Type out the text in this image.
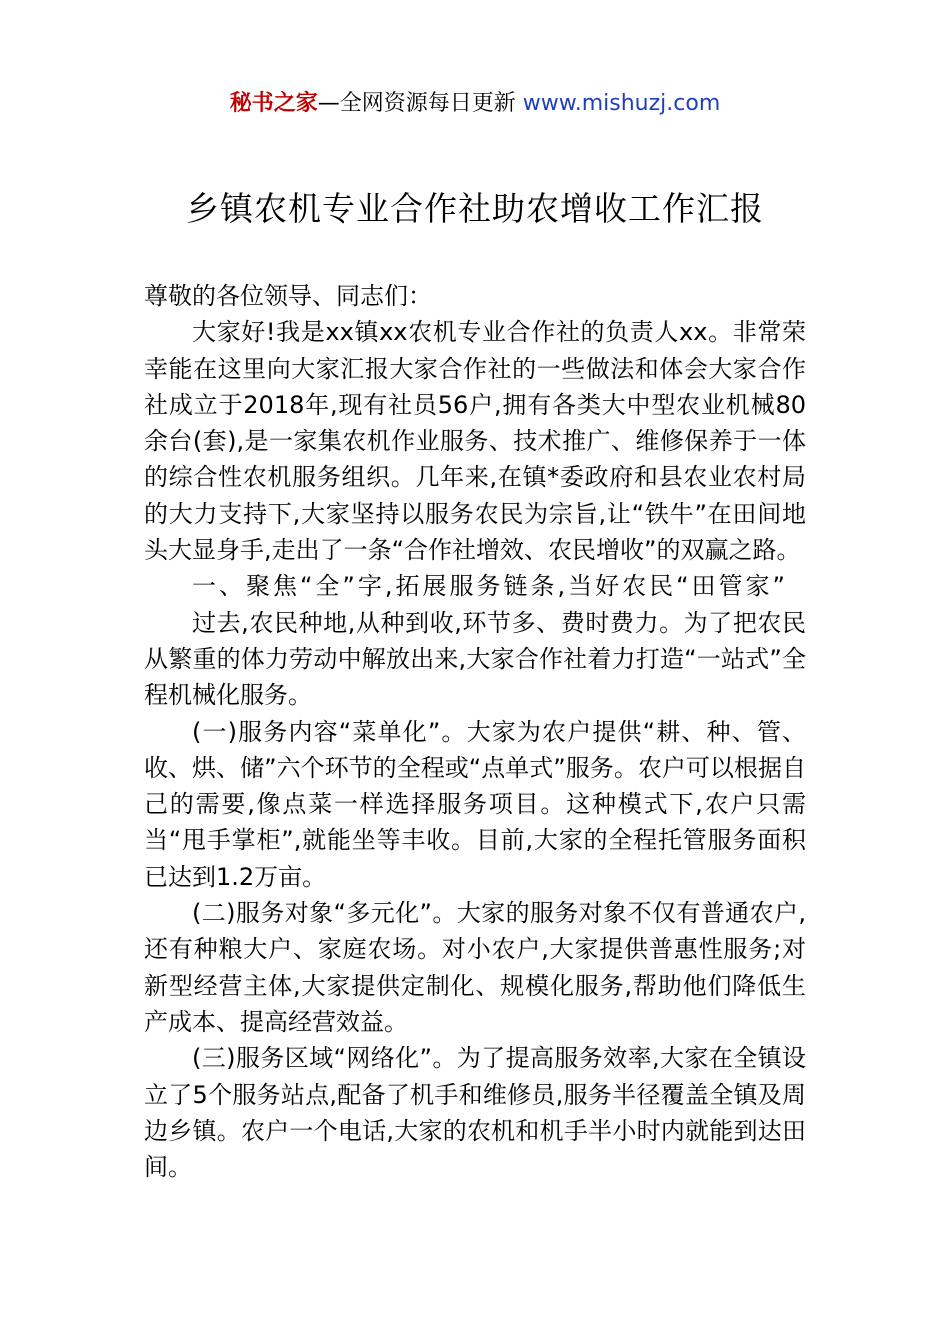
秘书之家—全网资源每日更新 www.mishuzj.com
乡镇农机专业合作社助农增收工作汇报

尊敬的各位领导、同志们：

大家好!我是xx镇xx农机专业合作社的负责人xx。非常荣幸能在这里向大家汇报大家合作社的一些做法和体会大家合作社成立于2018年,现有社员56户,拥有各类大中型农业机械80余台(套),是一家集农机作业服务、技术推广、维修保养于一体的综合性农机服务组织。几年来,在镇*委政府和县农业农村局的大力支持下,大家坚持以服务农民为宗旨,让“铁牛”在田间地头大显身手,走出了一条“合作社增效、农民增收”的双赢之路。

一、聚焦“全”字,拓展服务链条,当好农民“田管家”

过去,农民种地,从种到收,环节多、费时费力。为了把农民从繁重的体力劳动中解放出来,大家合作社着力打造“一站式”全程机械化服务。

(一)服务内容“菜单化”。大家为农户提供“耕、种、管、收、烘、储”六个环节的全程或“点单式”服务。农户可以根据自己的需要,像点菜一样选择服务项目。这种模式下,农户只需当“甩手掌柜”,就能坐等丰收。目前,大家的全程托管服务面积已达到1.2万亩。

(二)服务对象“多元化”。大家的服务对象不仅有普通农户,还有种粮大户、家庭农场。对小农户,大家提供普惠性服务;对新型经营主体,大家提供定制化、规模化服务,帮助他们降低生产成本、提高经营效益。

(三)服务区域“网络化”。为了提高服务效率,大家在全镇设立了5个服务站点,配备了机手和维修员,服务半径覆盖全镇及周边乡镇。农户一个电话,大家的农机和机手半小时内就能到达田间。
